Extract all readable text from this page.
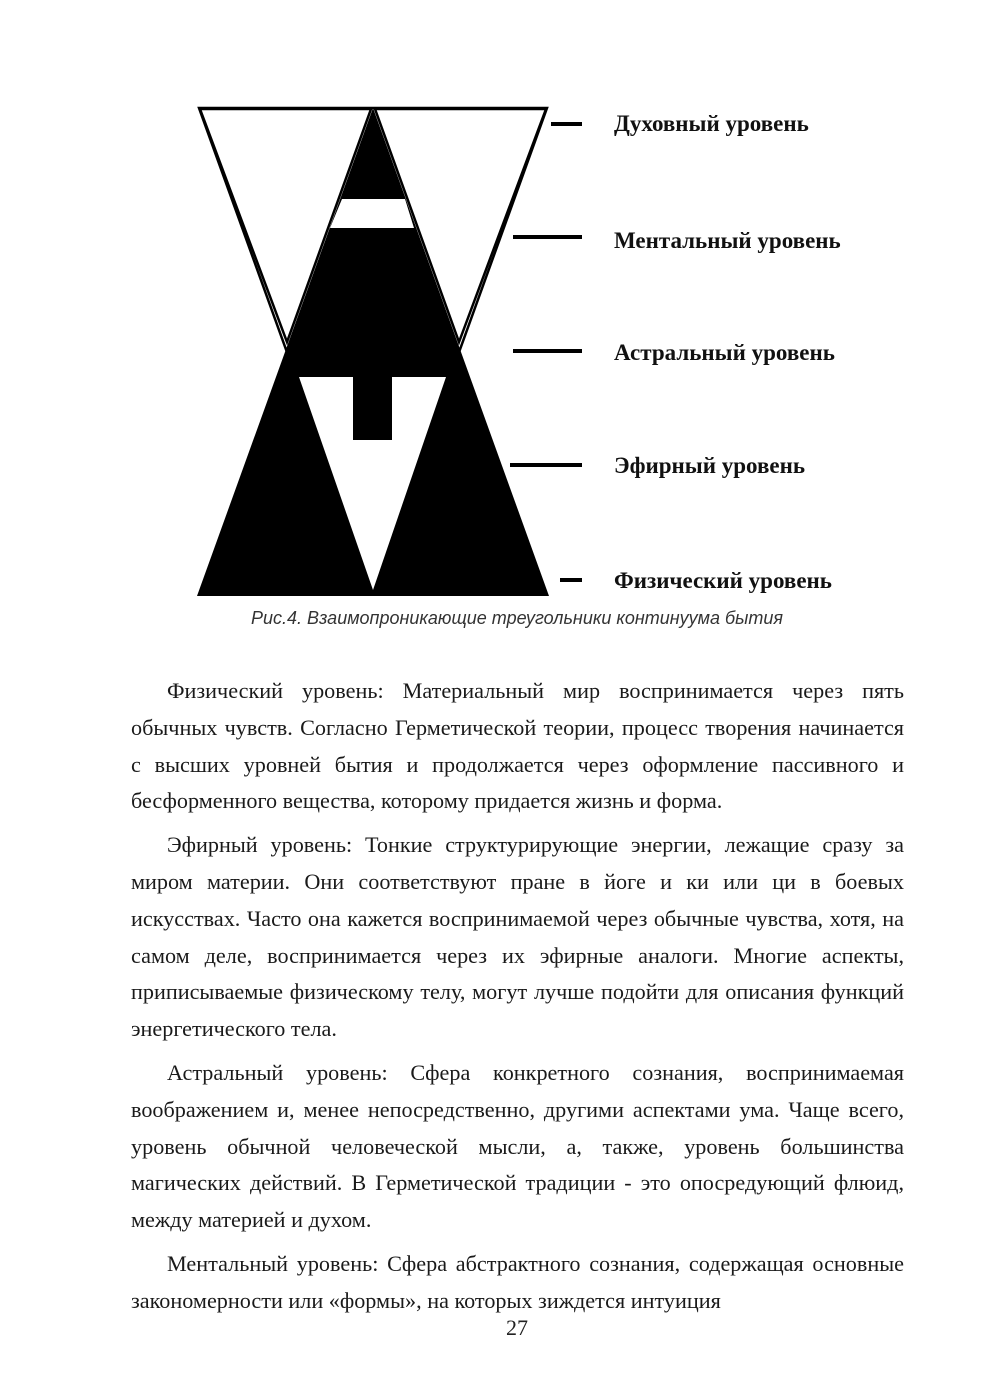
Духовный уровень
Ментальный уровень
Астральный уровень
Эфирный уровень
Физический уровень
Рис.4. Взаимопроникающие треугольники континуума бытия

Физический уровень: Материальный мир воспринимается через пять обычных чувств. Согласно Герметической теории, процесс творения начинается с высших уровней бытия и продолжается через оформление пассивного и бесформенного вещества, которому придается жизнь и форма.

Эфирный уровень: Тонкие структурирующие энергии, лежащие сразу за миром материи. Они соответствуют пране в йоге и ки или ци в боевых искусствах. Часто она кажется воспринимаемой через обычные чувства, хотя, на самом деле, воспринимается через их эфирные аналоги. Многие аспекты, приписываемые физическому телу, могут лучше подойти для описания функций энергетического тела.

Астральный уровень: Сфера конкретного сознания, воспринимаемая воображением и, менее непосредственно, другими аспектами ума. Чаще всего, уровень обычной человеческой мысли, а, также, уровень большинства магических действий. В Герметической традиции - это опосредующий флюид, между материей и духом.

Ментальный уровень: Сфера абстрактного сознания, содержащая основные закономерности или «формы», на которых зиждется интуиция

27
